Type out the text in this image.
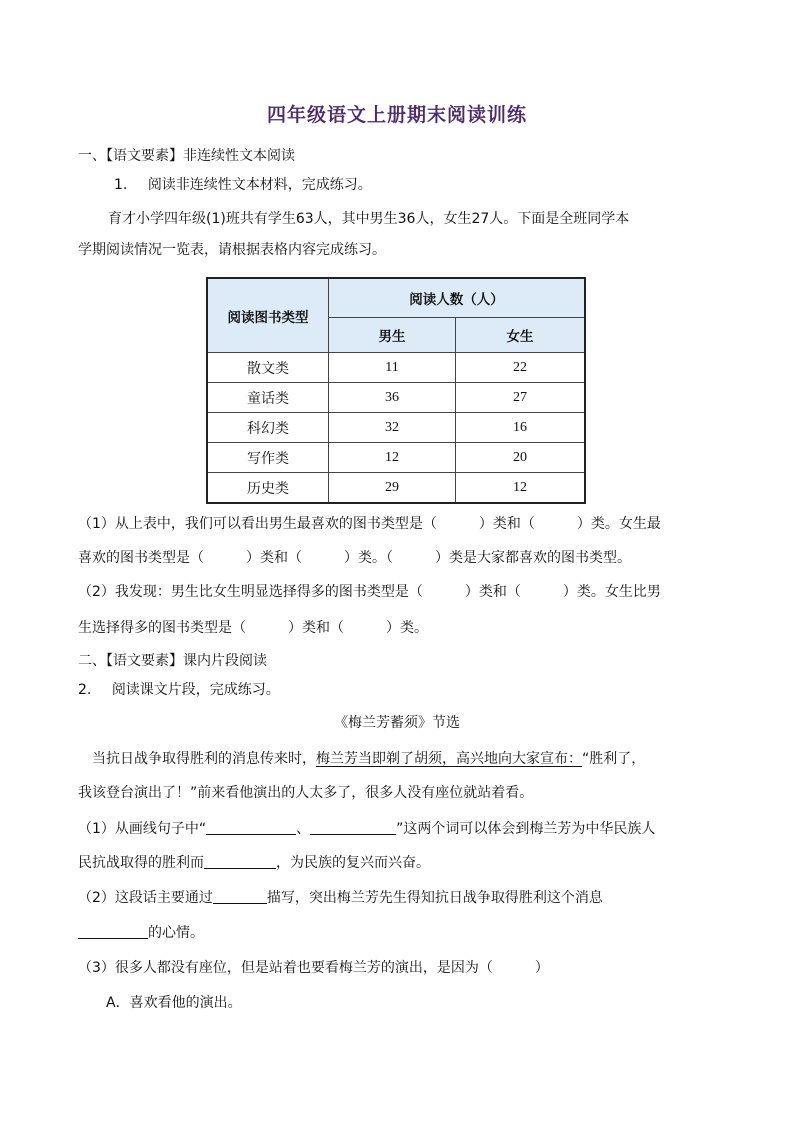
四年级语文上册期末阅读训练
一、【语文要素】非连续性文本阅读
1. 阅读非连续性文本材料，完成练习。
育才小学四年级(1)班共有学生63人，其中男生36人，女生27人。下面是全班同学本
学期阅读情况一览表，请根据表格内容完成练习。
阅读图书类型	阅读人数（人）	
	男生	女生
散文类	11	22
童话类	36	27
科幻类	32	16
写作类	12	20
历史类	29	12
（1）从上表中，我们可以看出男生最喜欢的图书类型是（　　　）类和（　　　）类。女生最
喜欢的图书类型是（　　　）类和（　　　）类。（　　　）类是大家都喜欢的图书类型。
（2）我发现：男生比女生明显选择得多的图书类型是（　　　）类和（　　　）类。女生比男
生选择得多的图书类型是（　　　）类和（　　　）类。
二、【语文要素】课内片段阅读
2. 阅读课文片段，完成练习。
《梅兰芳蓄须》节选
当抗日战争取得胜利的消息传来时，梅兰芳当即剃了胡须，高兴地向大家宣布：“胜利了，
我该登台演出了！”前来看他演出的人太多了，很多人没有座位就站着看。
（1）从画线句子中“	、	”这两个词可以体会到梅兰芳为中华民族人
民抗战取得的胜利而	，为民族的复兴而兴奋。
（2）这段话主要通过	描写，突出梅兰芳先生得知抗日战争取得胜利这个消息
的心情。
（3）很多人都没有座位，但是站着也要看梅兰芳的演出，是因为（　　　）
A．喜欢看他的演出。
